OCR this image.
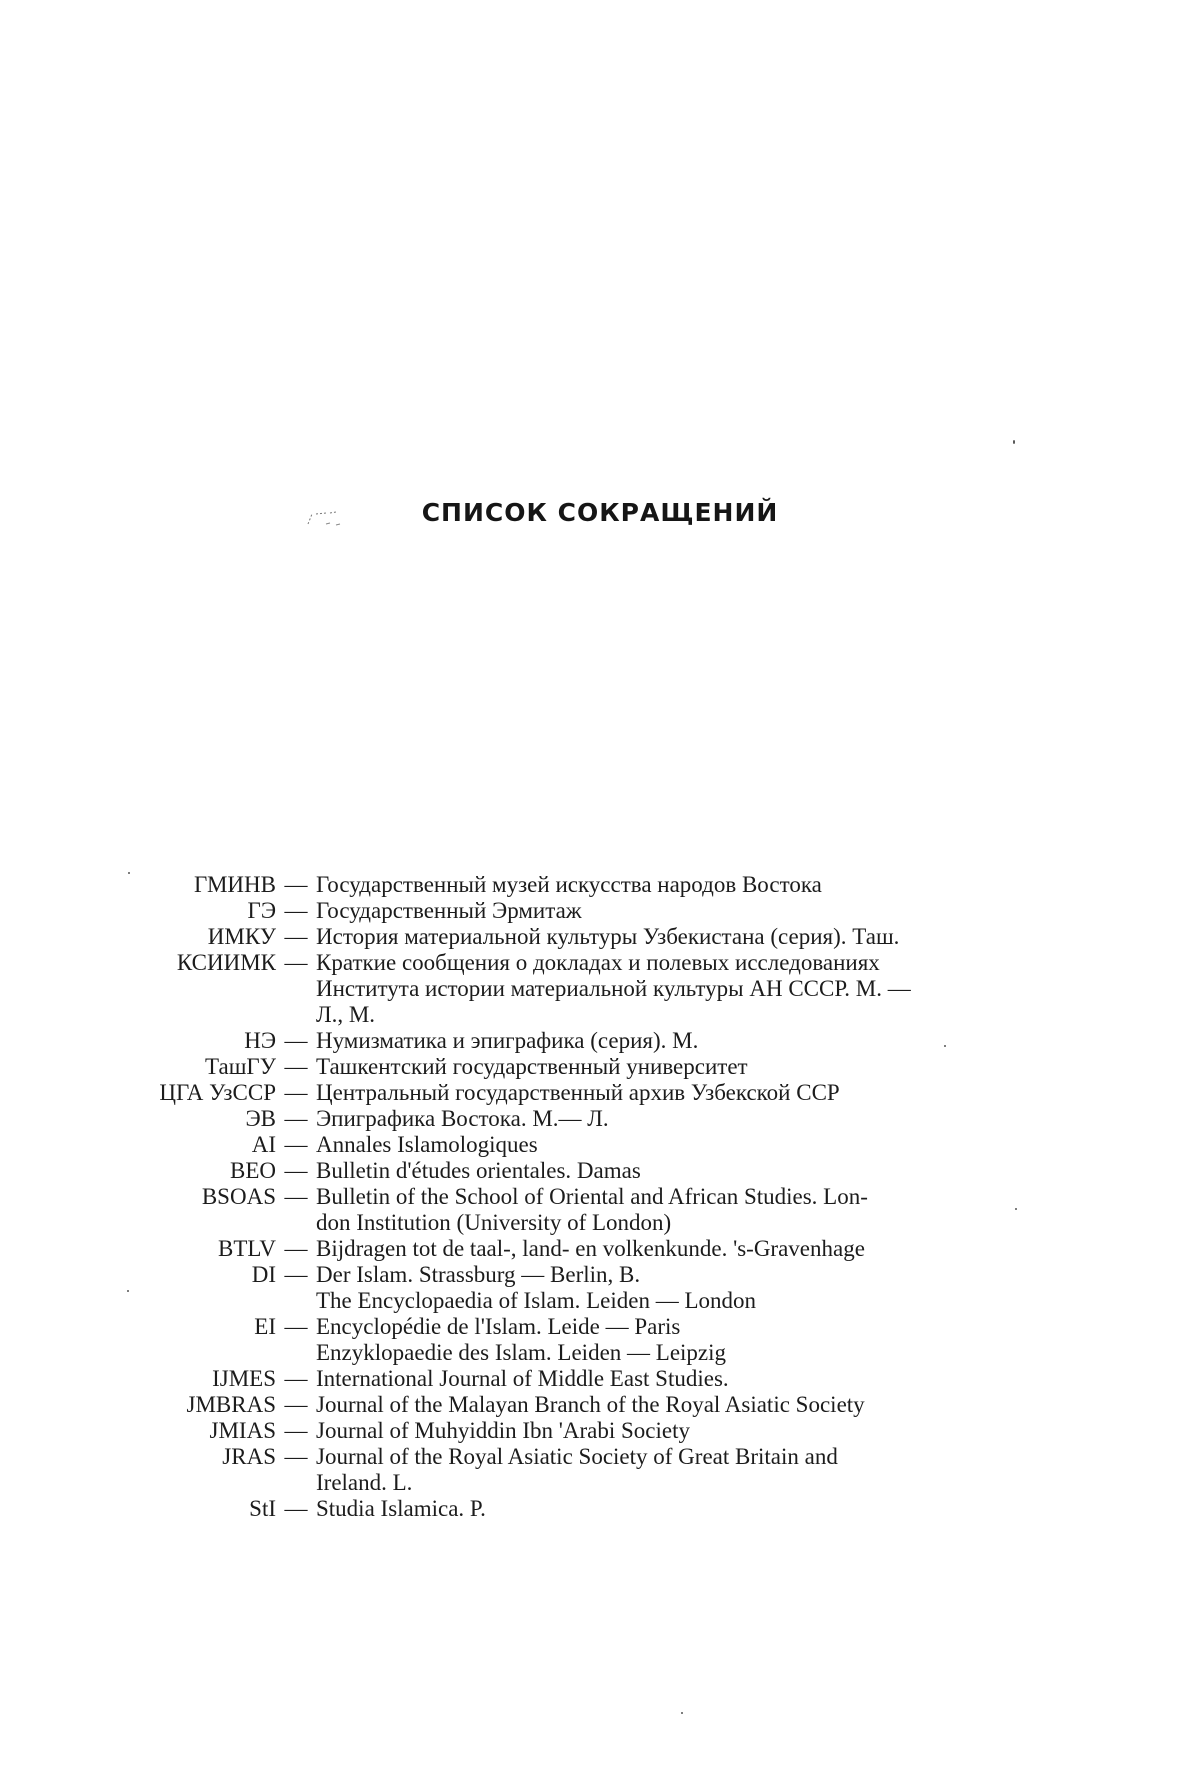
СПИСОК СОКРАЩЕНИЙ
ГМИНВ — Государственный музей искусства народов Востока
ГЭ — Государственный Эрмитаж
ИМКУ — История материальной культуры Узбекистана (серия). Таш.
КСИИМК — Краткие сообщения о докладах и полевых исследованиях
Института истории материальной культуры АН СССР. М. —
Л., М.
НЭ — Нумизматика и эпиграфика (серия). М.
ТашГУ — Ташкентский государственный университет
ЦГА УзССР — Центральный государственный архив Узбекской ССР
ЭВ — Эпиграфика Востока. М.— Л.
AI — Annales Islamologiques
BEO — Bulletin d'études orientales. Damas
BSOAS — Bulletin of the School of Oriental and African Studies. Lon-
don Institution (University of London)
BTLV — Bijdragen tot de taal-, land- en volkenkunde. 's-Gravenhage
DI — Der Islam. Strassburg — Berlin, B.
The Encyclopaedia of Islam. Leiden — London
EI — Encyclopédie de l'Islam. Leide — Paris
Enzyklopaedie des Islam. Leiden — Leipzig
IJMES — International Journal of Middle East Studies.
JMBRAS — Journal of the Malayan Branch of the Royal Asiatic Society
JMIAS — Journal of Muhyiddin Ibn 'Arabi Society
JRAS — Journal of the Royal Asiatic Society of Great Britain and
Ireland. L.
StI — Studia Islamica. P.
